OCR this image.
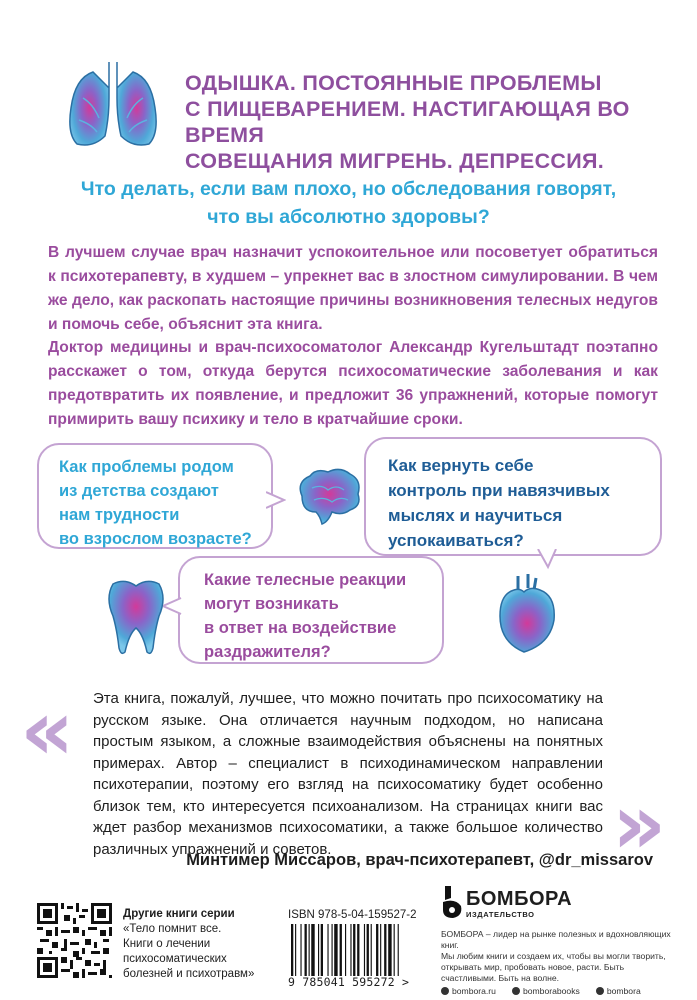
ОДЫШКА. ПОСТОЯННЫЕ ПРОБЛЕМЫ
С ПИЩЕВАРЕНИЕМ. НАСТИГАЮЩАЯ ВО ВРЕМЯ
СОВЕЩАНИЯ МИГРЕНЬ. ДЕПРЕССИЯ.
Что делать, если вам плохо, но обследования говорят,
что вы абсолютно здоровы?
В лучшем случае врач назначит успокоительное или посоветует обратиться к психотерапевту, в худшем – упрекнет вас в злостном симулировании. В чем же дело, как раскопать настоящие причины возникновения телесных недугов и помочь себе, объяснит эта книга.
Доктор медицины и врач-психосоматолог Александр Кугельштадт поэтапно расскажет о том, откуда берутся психосоматические заболевания и как предотвратить их появление, и предложит 36 упражнений, которые помогут примирить вашу психику и тело в кратчайшие сроки.
Как проблемы родом
из детства создают
нам трудности
во взрослом возрасте?
Как вернуть себе
контроль при навязчивых
мыслях и научиться
успокаиваться?
Какие телесные реакции
могут возникать
в ответ на воздействие
раздражителя?
«
»
Эта книга, пожалуй, лучшее, что можно почитать про психосоматику на русском языке. Она отличается научным подходом, но написана простым языком, а сложные взаимодействия объяснены на понятных примерах. Автор – специалист в психодинамическом направлении психотерапии, поэтому его взгляд на психосоматику будет особенно близок тем, кто интересуется психоанализом. На страницах книги вас ждет разбор механизмов психосоматики, а также большое количество различных упражнений и советов.
Минтимер Миссаров, врач-психотерапевт, @dr_missarov
Другие книги серии
«Тело помнит все.
Книги о лечении
психосоматических
болезней и психотравм»
ISBN 978-5-04-159527-2
9 785041 595272 >
БОМБОРА
ИЗДАТЕЛЬСТВО
БОМБОРА – лидер на рынке полезных и вдохновляющих книг.
Мы любим книги и создаем их, чтобы вы могли творить, открывать мир, пробовать новое, расти. Быть счастливыми. Быть на волне.
bombora.ru	bomborabooks	bombora
